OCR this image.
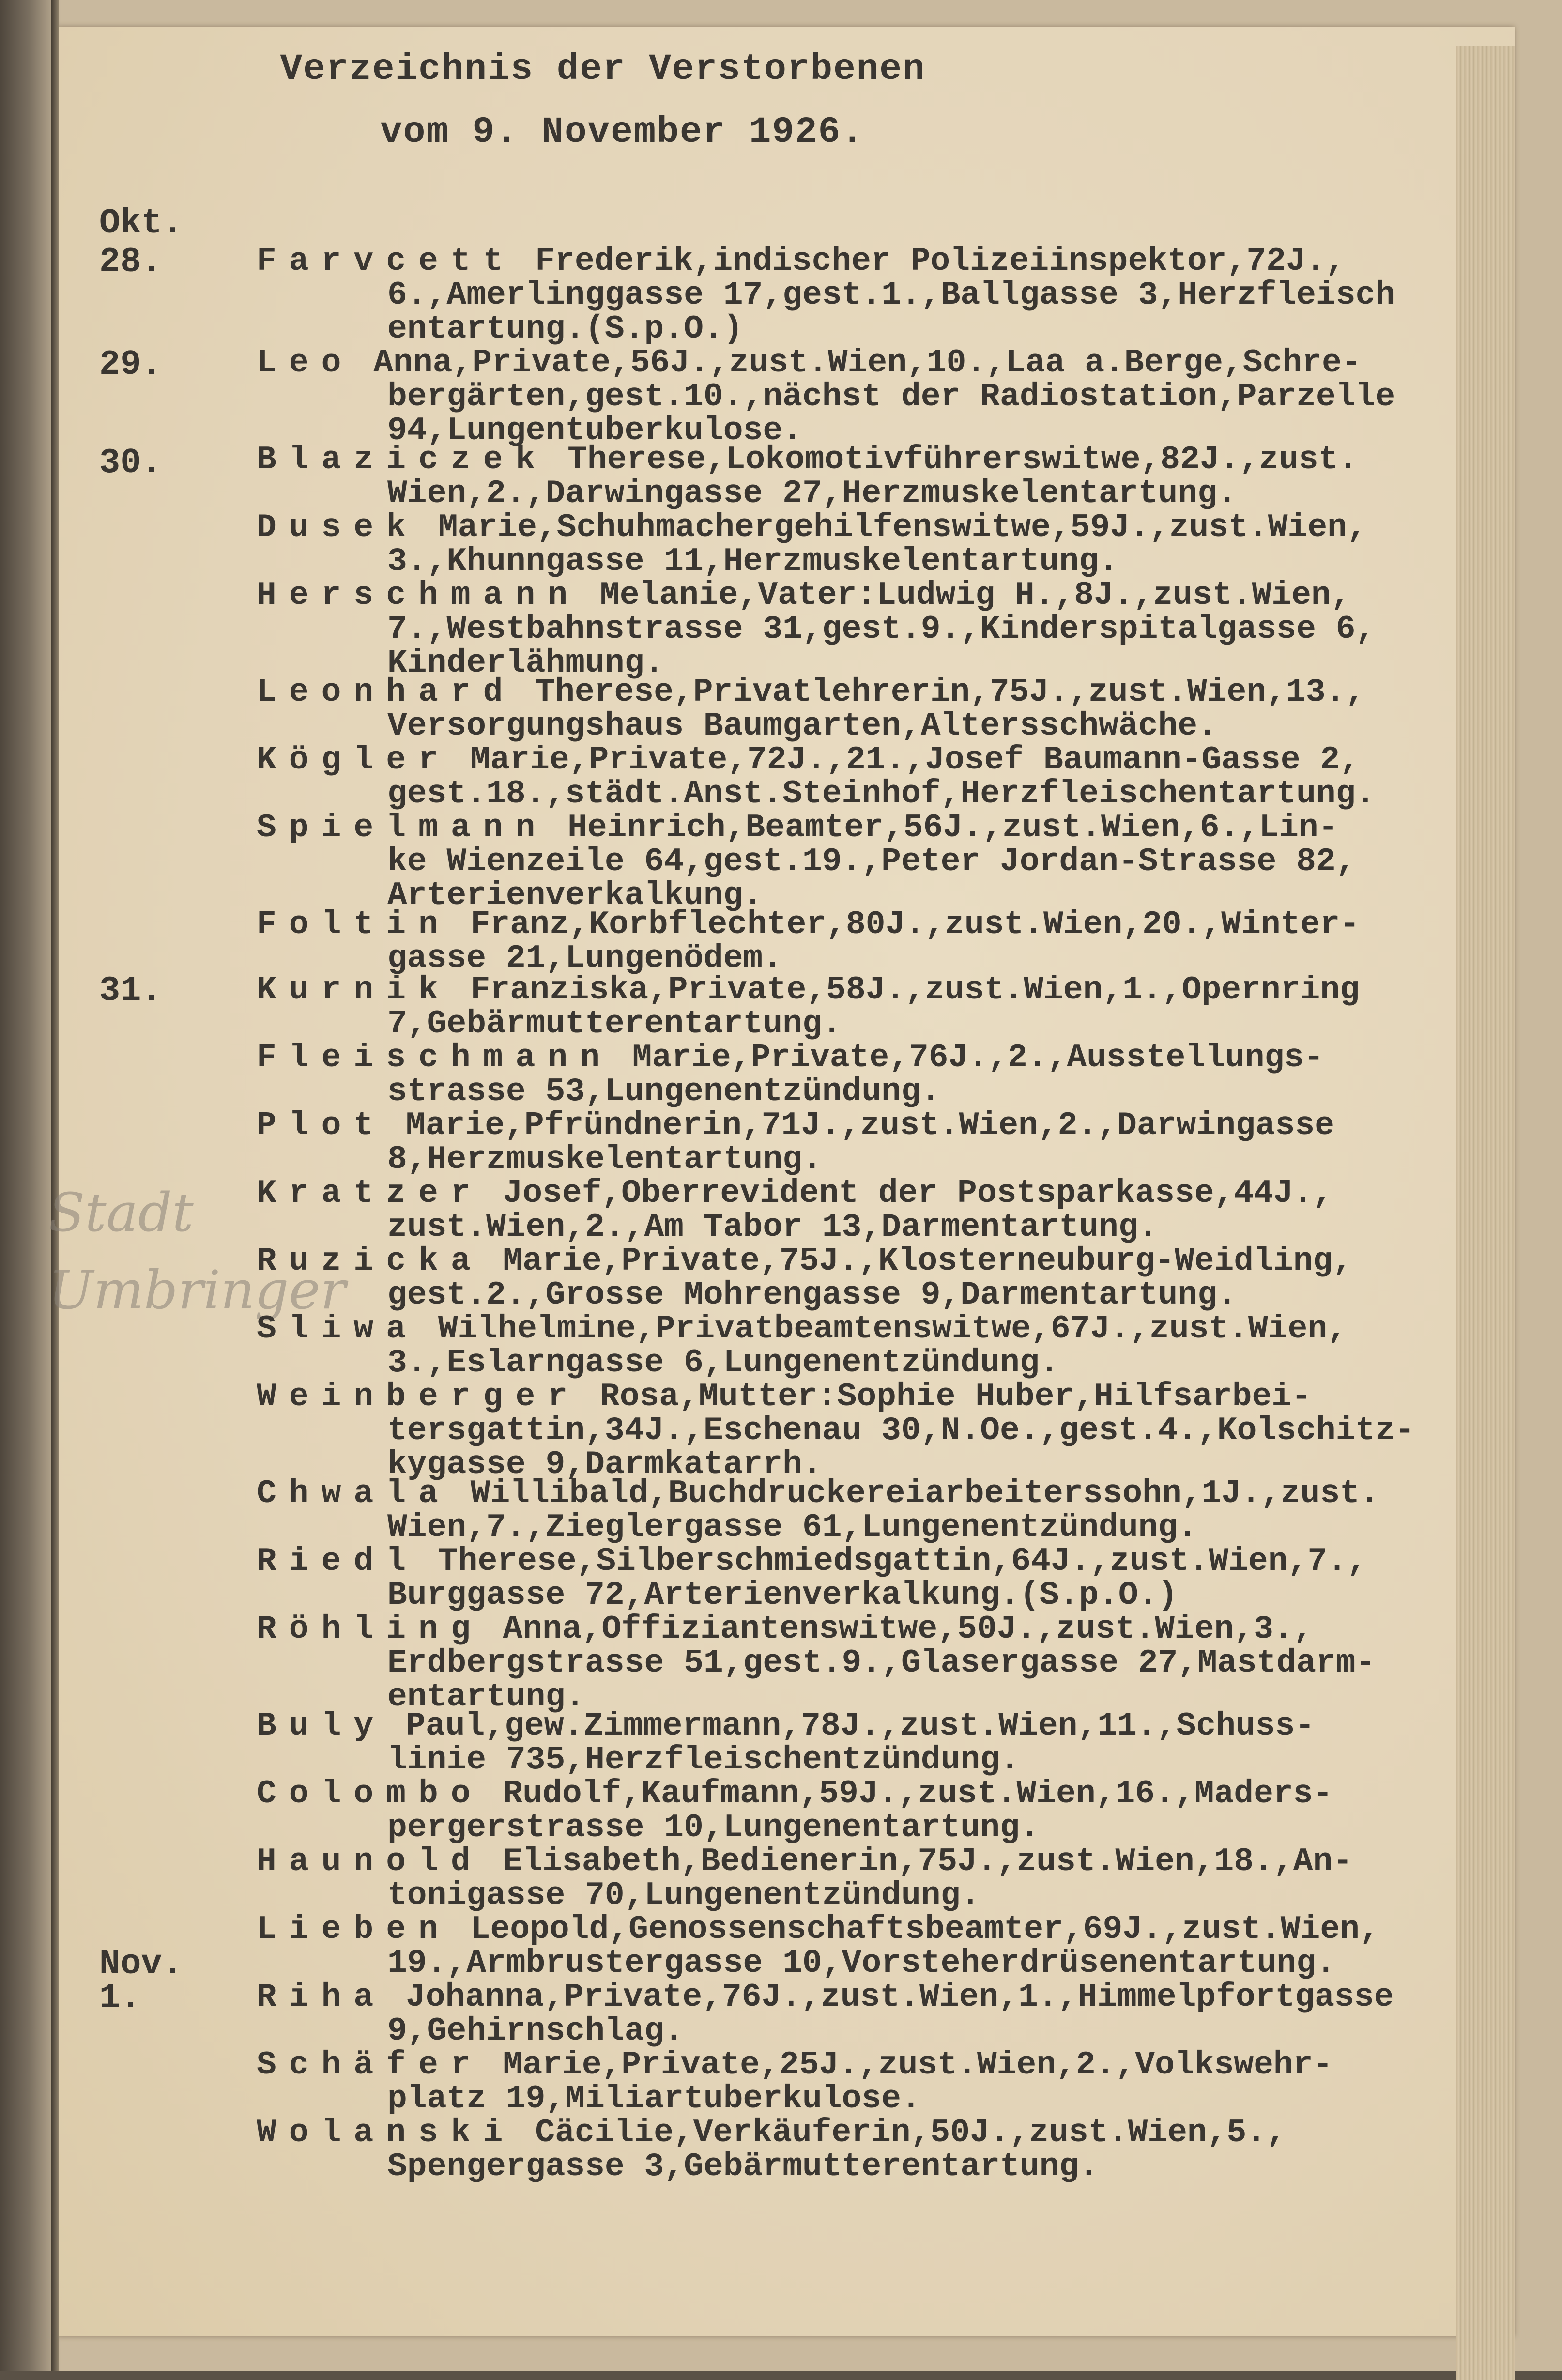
Verzeichnis der Verstorbenen
vom 9. November 1926.
Okt.
28.
29.
30.
31.
Nov.
1.
Stadt
Umbringer
Farvcett Frederik,indischer Polizeiinspektor,72J.,
6.,Amerlinggasse 17,gest.1.,Ballgasse 3,Herzfleisch
entartung.(S.p.O.)
Leo Anna,Private,56J.,zust.Wien,10.,Laa a.Berge,Schre-
bergärten,gest.10.,nächst der Radiostation,Parzelle
94,Lungentuberkulose.
Blaziczek Therese,Lokomotivführerswitwe,82J.,zust.
Wien,2.,Darwingasse 27,Herzmuskelentartung.
Dusek Marie,Schuhmachergehilfenswitwe,59J.,zust.Wien,
3.,Khunngasse 11,Herzmuskelentartung.
Herschmann Melanie,Vater:Ludwig H.,8J.,zust.Wien,
7.,Westbahnstrasse 31,gest.9.,Kinderspitalgasse 6,
Kinderlähmung.
Leonhard Therese,Privatlehrerin,75J.,zust.Wien,13.,
Versorgungshaus Baumgarten,Altersschwäche.
Kögler Marie,Private,72J.,21.,Josef Baumann-Gasse 2,
gest.18.,städt.Anst.Steinhof,Herzfleischentartung.
Spielmann Heinrich,Beamter,56J.,zust.Wien,6.,Lin-
ke Wienzeile 64,gest.19.,Peter Jordan-Strasse 82,
Arterienverkalkung.
Foltin Franz,Korbflechter,80J.,zust.Wien,20.,Winter-
gasse 21,Lungenödem.
Kurnik Franziska,Private,58J.,zust.Wien,1.,Opernring
7,Gebärmutterentartung.
Fleischmann Marie,Private,76J.,2.,Ausstellungs-
strasse 53,Lungenentzündung.
Plot Marie,Pfründnerin,71J.,zust.Wien,2.,Darwingasse
8,Herzmuskelentartung.
Kratzer Josef,Oberrevident der Postsparkasse,44J.,
zust.Wien,2.,Am Tabor 13,Darmentartung.
Ruzicka Marie,Private,75J.,Klosterneuburg-Weidling,
gest.2.,Grosse Mohrengasse 9,Darmentartung.
Sliwa Wilhelmine,Privatbeamtenswitwe,67J.,zust.Wien,
3.,Eslarngasse 6,Lungenentzündung.
Weinberger Rosa,Mutter:Sophie Huber,Hilfsarbei-
tersgattin,34J.,Eschenau 30,N.Oe.,gest.4.,Kolschitz-
kygasse 9,Darmkatarrh.
Chwala Willibald,Buchdruckereiarbeiterssohn,1J.,zust.
Wien,7.,Zieglergasse 61,Lungenentzündung.
Riedl Therese,Silberschmiedsgattin,64J.,zust.Wien,7.,
Burggasse 72,Arterienverkalkung.(S.p.O.)
Röhling Anna,Offiziantenswitwe,50J.,zust.Wien,3.,
Erdbergstrasse 51,gest.9.,Glasergasse 27,Mastdarm-
entartung.
Buly Paul,gew.Zimmermann,78J.,zust.Wien,11.,Schuss-
linie 735,Herzfleischentzündung.
Colombo Rudolf,Kaufmann,59J.,zust.Wien,16.,Maders-
pergerstrasse 10,Lungenentartung.
Haunold Elisabeth,Bedienerin,75J.,zust.Wien,18.,An-
tonigasse 70,Lungenentzündung.
Lieben Leopold,Genossenschaftsbeamter,69J.,zust.Wien,
19.,Armbrustergasse 10,Vorsteherdrüsenentartung.
Riha Johanna,Private,76J.,zust.Wien,1.,Himmelpfortgasse
9,Gehirnschlag.
Schäfer Marie,Private,25J.,zust.Wien,2.,Volkswehr-
platz 19,Miliartuberkulose.
Wolanski Cäcilie,Verkäuferin,50J.,zust.Wien,5.,
Spengergasse 3,Gebärmutterentartung.
